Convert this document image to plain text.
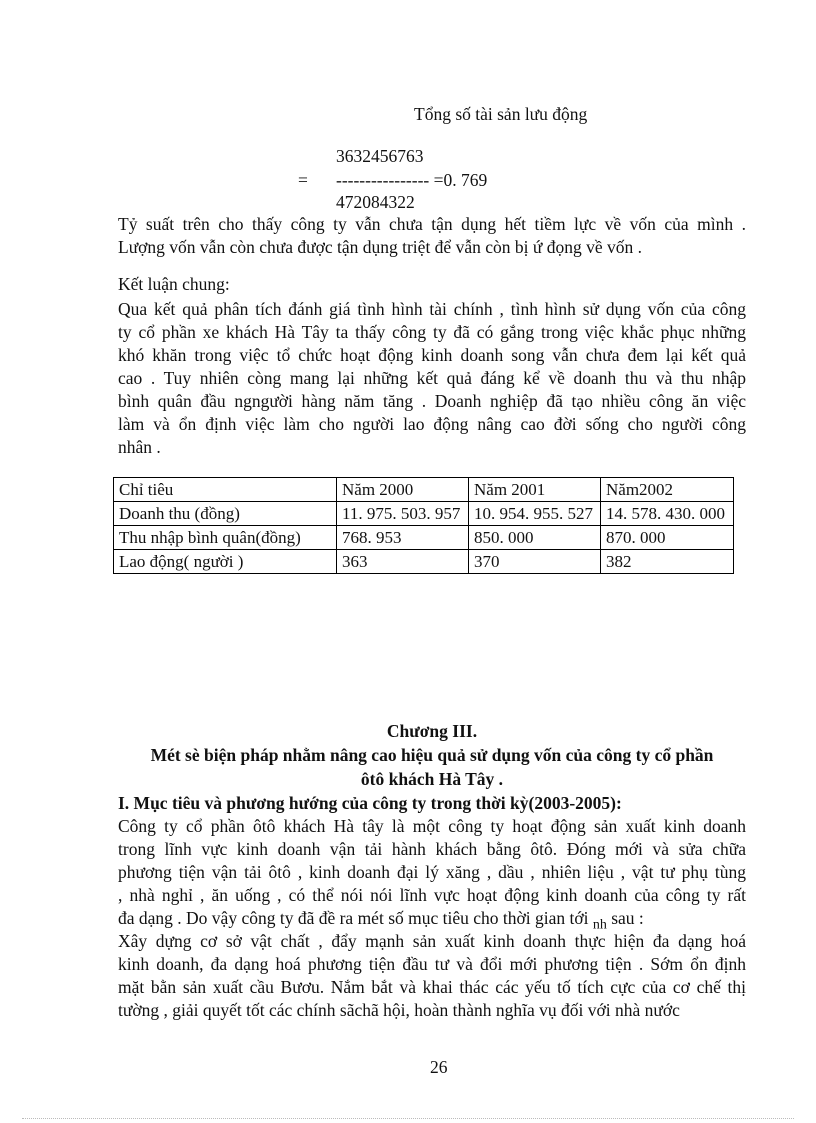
Tổng số tài sản lưu động
3632456763
= ---------------- =0. 769
472084322
Tỷ suất trên cho thấy công ty vẫn chưa tận dụng hết tiềm lực về vốn của mình .
Lượng vốn vẫn còn chưa được tận dụng triệt để vẫn còn bị ứ đọng về vốn .
Kết luận chung:
Qua kết quả phân tích đánh giá tình hình tài chính , tình hình sử dụng vốn của công
ty cổ phần xe khách Hà Tây ta thấy công ty đã có gắng trong việc khắc phục những
khó khăn trong việc tổ chức hoạt động kinh doanh song vẫn chưa đem lại kết quả
cao . Tuy nhiên còng mang lại những kết quả đáng kể về doanh thu và thu nhập
bình quân đầu ngngười hàng năm tăng . Doanh nghiệp đã tạo nhiều công ăn việc
làm và ổn định việc làm cho người lao động nâng cao đời sống cho người công
nhân .
Chỉ tiêu	Năm 2000	Năm 2001	Năm2002
Doanh thu (đồng)	11. 975. 503. 957	10. 954. 955. 527	14. 578. 430. 000
Thu nhập bình quân(đồng)	768. 953	850. 000	870. 000
Lao động( người )	363	370	382
Chương III.
Mét sè biện pháp nhằm nâng cao hiệu quả sử dụng vốn của công ty cổ phần
ôtô khách Hà Tây .
I. Mục tiêu và phương hướng của công ty trong thời kỳ(2003-2005):
Công ty cổ phần ôtô khách Hà tây là một công ty hoạt động sản xuất kinh doanh
trong lĩnh vực kinh doanh vận tải hành khách bằng ôtô. Đóng mới và sửa chữa
phương tiện vận tải ôtô , kinh doanh đại lý xăng , dầu , nhiên liệu , vật tư phụ tùng
, nhà nghỉ , ăn uống , có thể nói nói lĩnh vực hoạt động kinh doanh của công ty rất
đa dạng . Do vậy công ty đã đề ra mét số mục tiêu cho thời gian tới $_{nh}$ sau :
Xây dựng cơ sở vật chất , đẩy mạnh sản xuất kinh doanh thực hiện đa dạng hoá
kinh doanh, đa dạng hoá phương tiện đầu tư và đổi mới phương tiện . Sớm ổn định
mặt bằn sản xuất cầu Bươu. Nắm bắt và khai thác các yếu tố tích cực của cơ chế thị
tường , giải quyết tốt các chính sãchã hội, hoàn thành nghĩa vụ đối với nhà nước
26
